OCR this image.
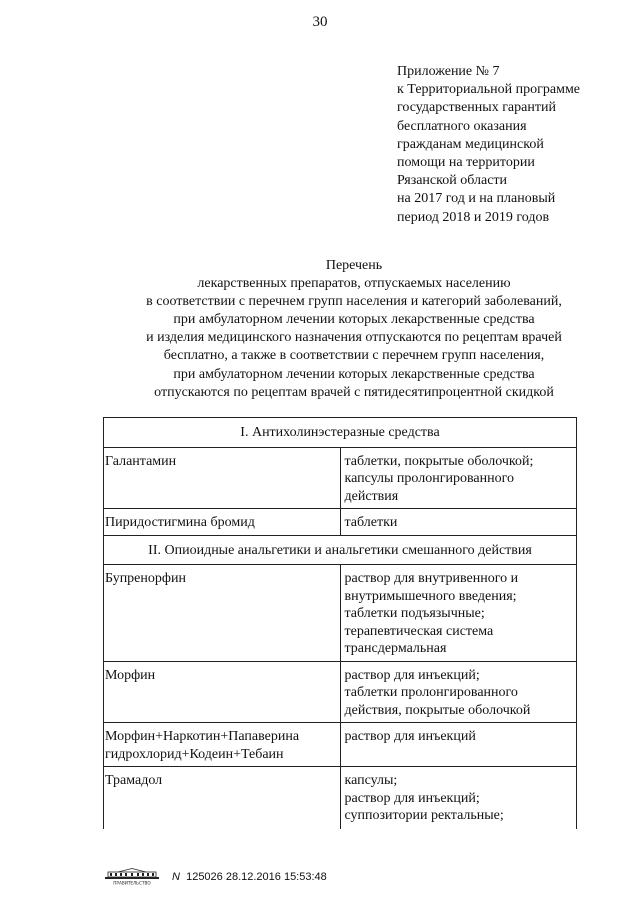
30
Приложение № 7
к Территориальной программе
государственных гарантий
бесплатного оказания
гражданам медицинской
помощи на территории
Рязанской области
на 2017 год и на плановый
период 2018 и 2019 годов
Перечень
лекарственных препаратов, отпускаемых населению
в соответствии с перечнем групп населения и категорий заболеваний,
при амбулаторном лечении которых лекарственные средства
и изделия медицинского назначения отпускаются по рецептам врачей
бесплатно, а также в соответствии с перечнем групп населения,
при амбулаторном лечении которых лекарственные средства
отпускаются по рецептам врачей с пятидесятипроцентной скидкой
I. Антихолинэстеразные средства	

Галантамин	таблетки, покрытые оболочкой;
капсулы пролонгированного
действия

Пиридостигмина бромид	таблетки

II. Опиоидные анальгетики и анальгетики смешанного действия	

Бупренорфин	раствор для внутривенного и
внутримышечного введения;
таблетки подъязычные;
терапевтическая система
трансдермальная

Морфин	раствор для инъекций;
таблетки пролонгированного
действия, покрытые оболочкой

Морфин+Наркотин+Папаверина
гидрохлорид+Кодеин+Тебаин	раствор для инъекций

Трамадол	капсулы;
раствор для инъекций;
суппозитории ректальные;
ПРАВИТЕЛЬСТВО N 125026 28.12.2016 15:53:48
